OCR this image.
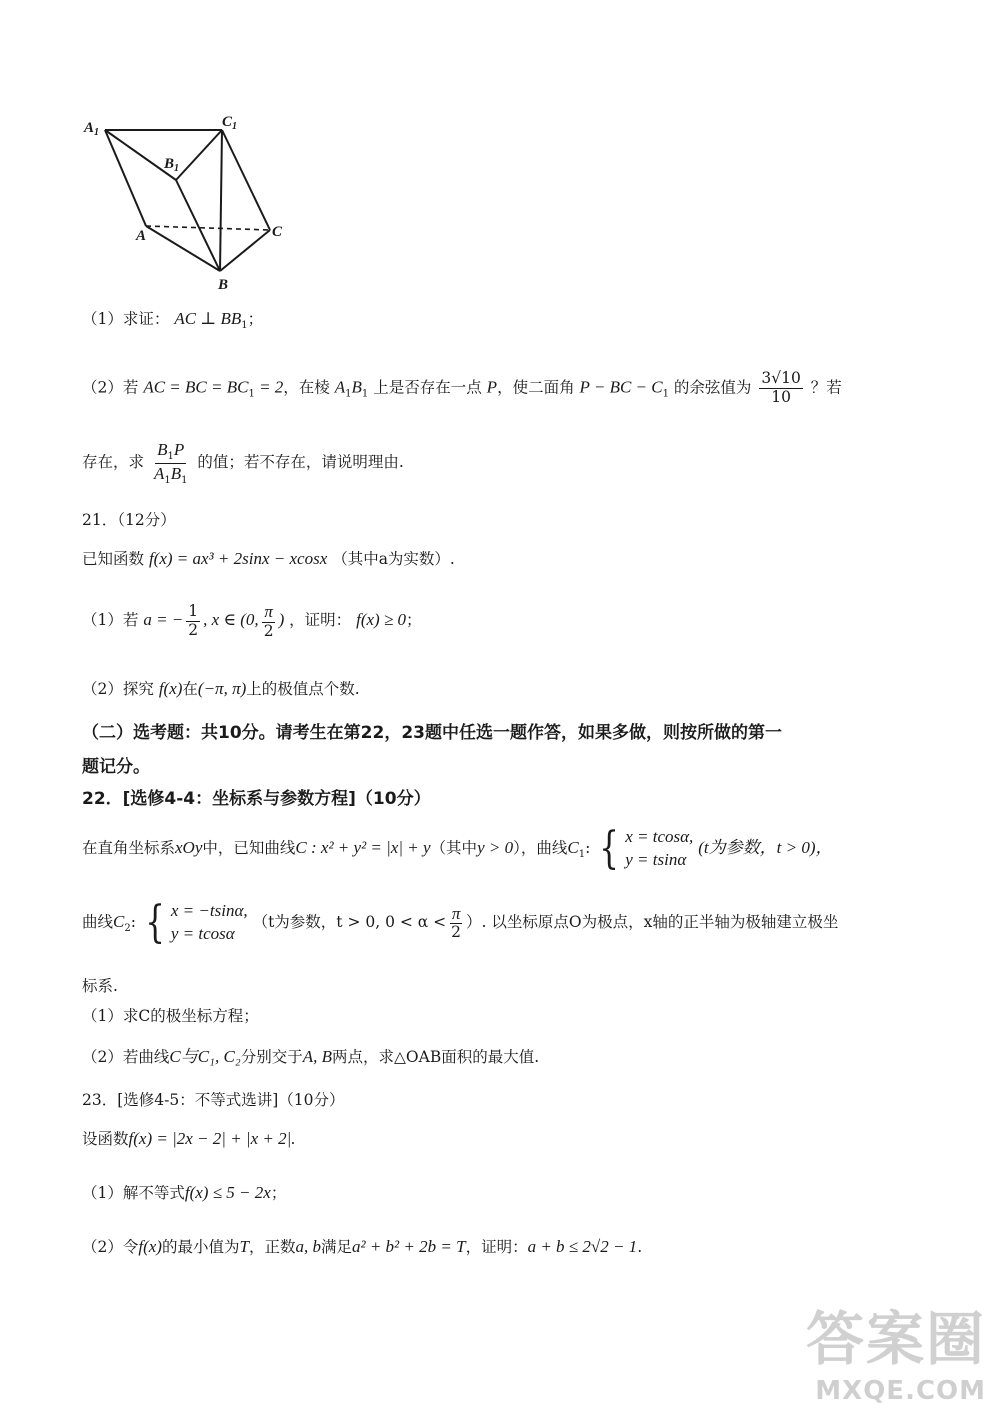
$A_1$
$B_1$
$C_1$
A	C
B
（1）求证： AC ⊥ $BB_1$；
（2）若 AC = BC = $BC_1 = 2$，在棱 $A_1B_1$ 上是否存在一点 P，使二面角 P − BC − $C_1$ 的余弦值为 $\frac{3√10}{10}$ ？若
存在，求 $\frac{B_1P}{A_1B_1}$ 的值；若不存在，请说明理由.
21．（12分）
已知函数 f(x) = ax³ + 2sinx − xcosx （其中a为实数）.
（1）若 a = − $\frac{1}{2}$ , x ∈ (0, $\frac{\pi}{2}$ ) ，证明： f(x) ≥ 0；
（2）探究 f(x)在(−π, π)上的极值点个数.
（二）选考题：共10分。请考生在第22，23题中任选一题作答，如果多做，则按所做的第一
题记分。
22．[选修4-4：坐标系与参数方程]（10分）
在直角坐标系xOy中，已知曲线C : x² + y² = |x| + y（其中y > 0），曲线$C_1$: { x = tcosα,
y = tsinα
(t为参数，t > 0)，
曲线$C_2$: { x = −tsinα,
y = tcosα
（t为参数，t > 0, $0 < \alpha < \frac{\pi}{2}$ ）. 以坐标原点O为极点，x轴的正半轴为极轴建立极坐
标系.
（1）求C的极坐标方程；
（2）若曲线C与C₁, C₂分别交于A, B两点，求△OAB面积的最大值.
23．[选修4-5：不等式选讲]（10分）
设函数f(x) = |2x − 2| + |x + 2|.
（1）解不等式f(x) ≤ 5 − 2x；
（2）令f(x)的最小值为T，正数a, b满足a² + b² + 2b = T，证明：a + b ≤ 2√2 − 1.
答案圈
MXQE.COM
